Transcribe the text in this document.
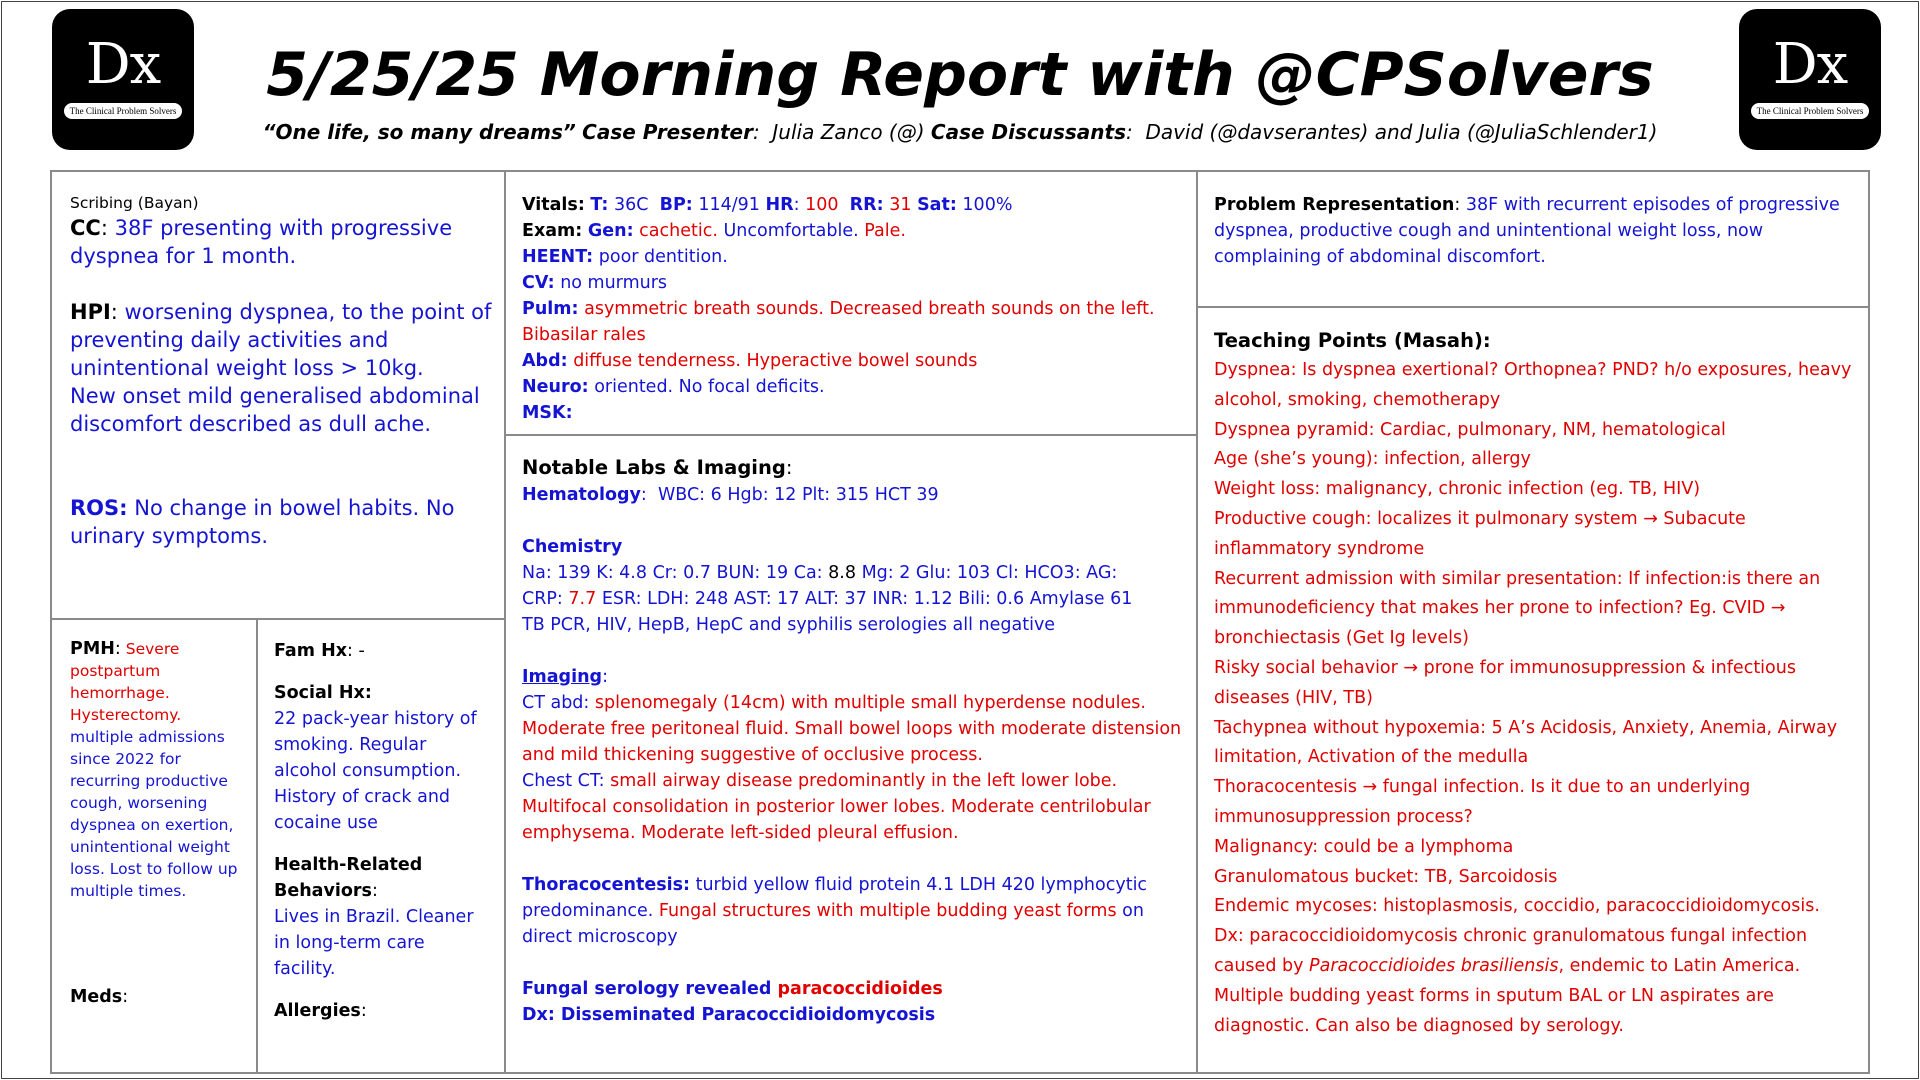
Dx
The Clinical Problem Solvers
Dx
The Clinical Problem Solvers
5/25/25 Morning Report with @CPSolvers
“One life, so many dreams” Case Presenter:  Julia Zanco (@) Case Discussants:  David (@davserantes) and Julia (@JuliaSchlender1)
Scribing (Bayan)
CC: 38F presenting with progressive
dyspnea for 1 month.
HPI: worsening dyspnea, to the point of
preventing daily activities and
unintentional weight loss > 10kg.
New onset mild generalised abdominal
discomfort described as dull ache.
ROS: No change in bowel habits. No
urinary symptoms.
PMH: Severe
postpartum
hemorrhage.
Hysterectomy.
multiple admissions
since 2022 for
recurring productive
cough, worsening
dyspnea on exertion,
unintentional weight
loss. Lost to follow up
multiple times.
Meds:
Fam Hx: -
Social Hx:
22 pack-year history of
smoking. Regular
alcohol consumption.
History of crack and
cocaine use
Health-Related
Behaviors:
Lives in Brazil. Cleaner
in long-term care
facility.
Allergies:
Vitals: T: 36C BP: 114/91 HR: 100 RR: 31 Sat: 100%
Exam: Gen: cachetic. Uncomfortable. Pale.
HEENT: poor dentition.
CV: no murmurs
Pulm: asymmetric breath sounds. Decreased breath sounds on the left.
Bibasilar rales
Abd: diffuse tenderness. Hyperactive bowel sounds
Neuro: oriented. No focal deficits.
MSK:
Notable Labs & Imaging:
Hematology: WBC: 6 Hgb: 12 Plt: 315 HCT 39
Chemistry
Na: 139 K: 4.8 Cr: 0.7 BUN: 19 Ca: 8.8 Mg: 2 Glu: 103 Cl: HCO3: AG:
CRP: 7.7 ESR: LDH: 248 AST: 17 ALT: 37 INR: 1.12 Bili: 0.6 Amylase 61
TB PCR, HIV, HepB, HepC and syphilis serologies all negative
Imaging:
CT abd: splenomegaly (14cm) with multiple small hyperdense nodules.
Moderate free peritoneal fluid. Small bowel loops with moderate distension
and mild thickening suggestive of occlusive process.
Chest CT: small airway disease predominantly in the left lower lobe.
Multifocal consolidation in posterior lower lobes. Moderate centrilobular
emphysema. Moderate left-sided pleural effusion.
Thoracocentesis: turbid yellow fluid protein 4.1 LDH 420 lymphocytic
predominance. Fungal structures with multiple budding yeast forms on
direct microscopy
Fungal serology revealed paracoccidioides
Dx: Disseminated Paracoccidioidomycosis
Problem Representation: 38F with recurrent episodes of progressive
dyspnea, productive cough and unintentional weight loss, now
complaining of abdominal discomfort.
Teaching Points (Masah):
Dyspnea: Is dyspnea exertional? Orthopnea? PND? h/o exposures, heavy
alcohol, smoking, chemotherapy
Dyspnea pyramid: Cardiac, pulmonary, NM, hematological
Age (she’s young): infection, allergy
Weight loss: malignancy, chronic infection (eg. TB, HIV)
Productive cough: localizes it pulmonary system → Subacute
inflammatory syndrome
Recurrent admission with similar presentation: If infection:is there an
immunodeficiency that makes her prone to infection? Eg. CVID →
bronchiectasis (Get Ig levels)
Risky social behavior → prone for immunosuppression & infectious
diseases (HIV, TB)
Tachypnea without hypoxemia: 5 A’s Acidosis, Anxiety, Anemia, Airway
limitation, Activation of the medulla
Thoracocentesis → fungal infection. Is it due to an underlying
immunosuppression process?
Malignancy: could be a lymphoma
Granulomatous bucket: TB, Sarcoidosis
Endemic mycoses: histoplasmosis, coccidio, paracoccidioidomycosis.
Dx: paracoccidioidomycosis chronic granulomatous fungal infection
caused by Paracoccidioides brasiliensis, endemic to Latin America.
Multiple budding yeast forms in sputum BAL or LN aspirates are
diagnostic. Can also be diagnosed by serology.
